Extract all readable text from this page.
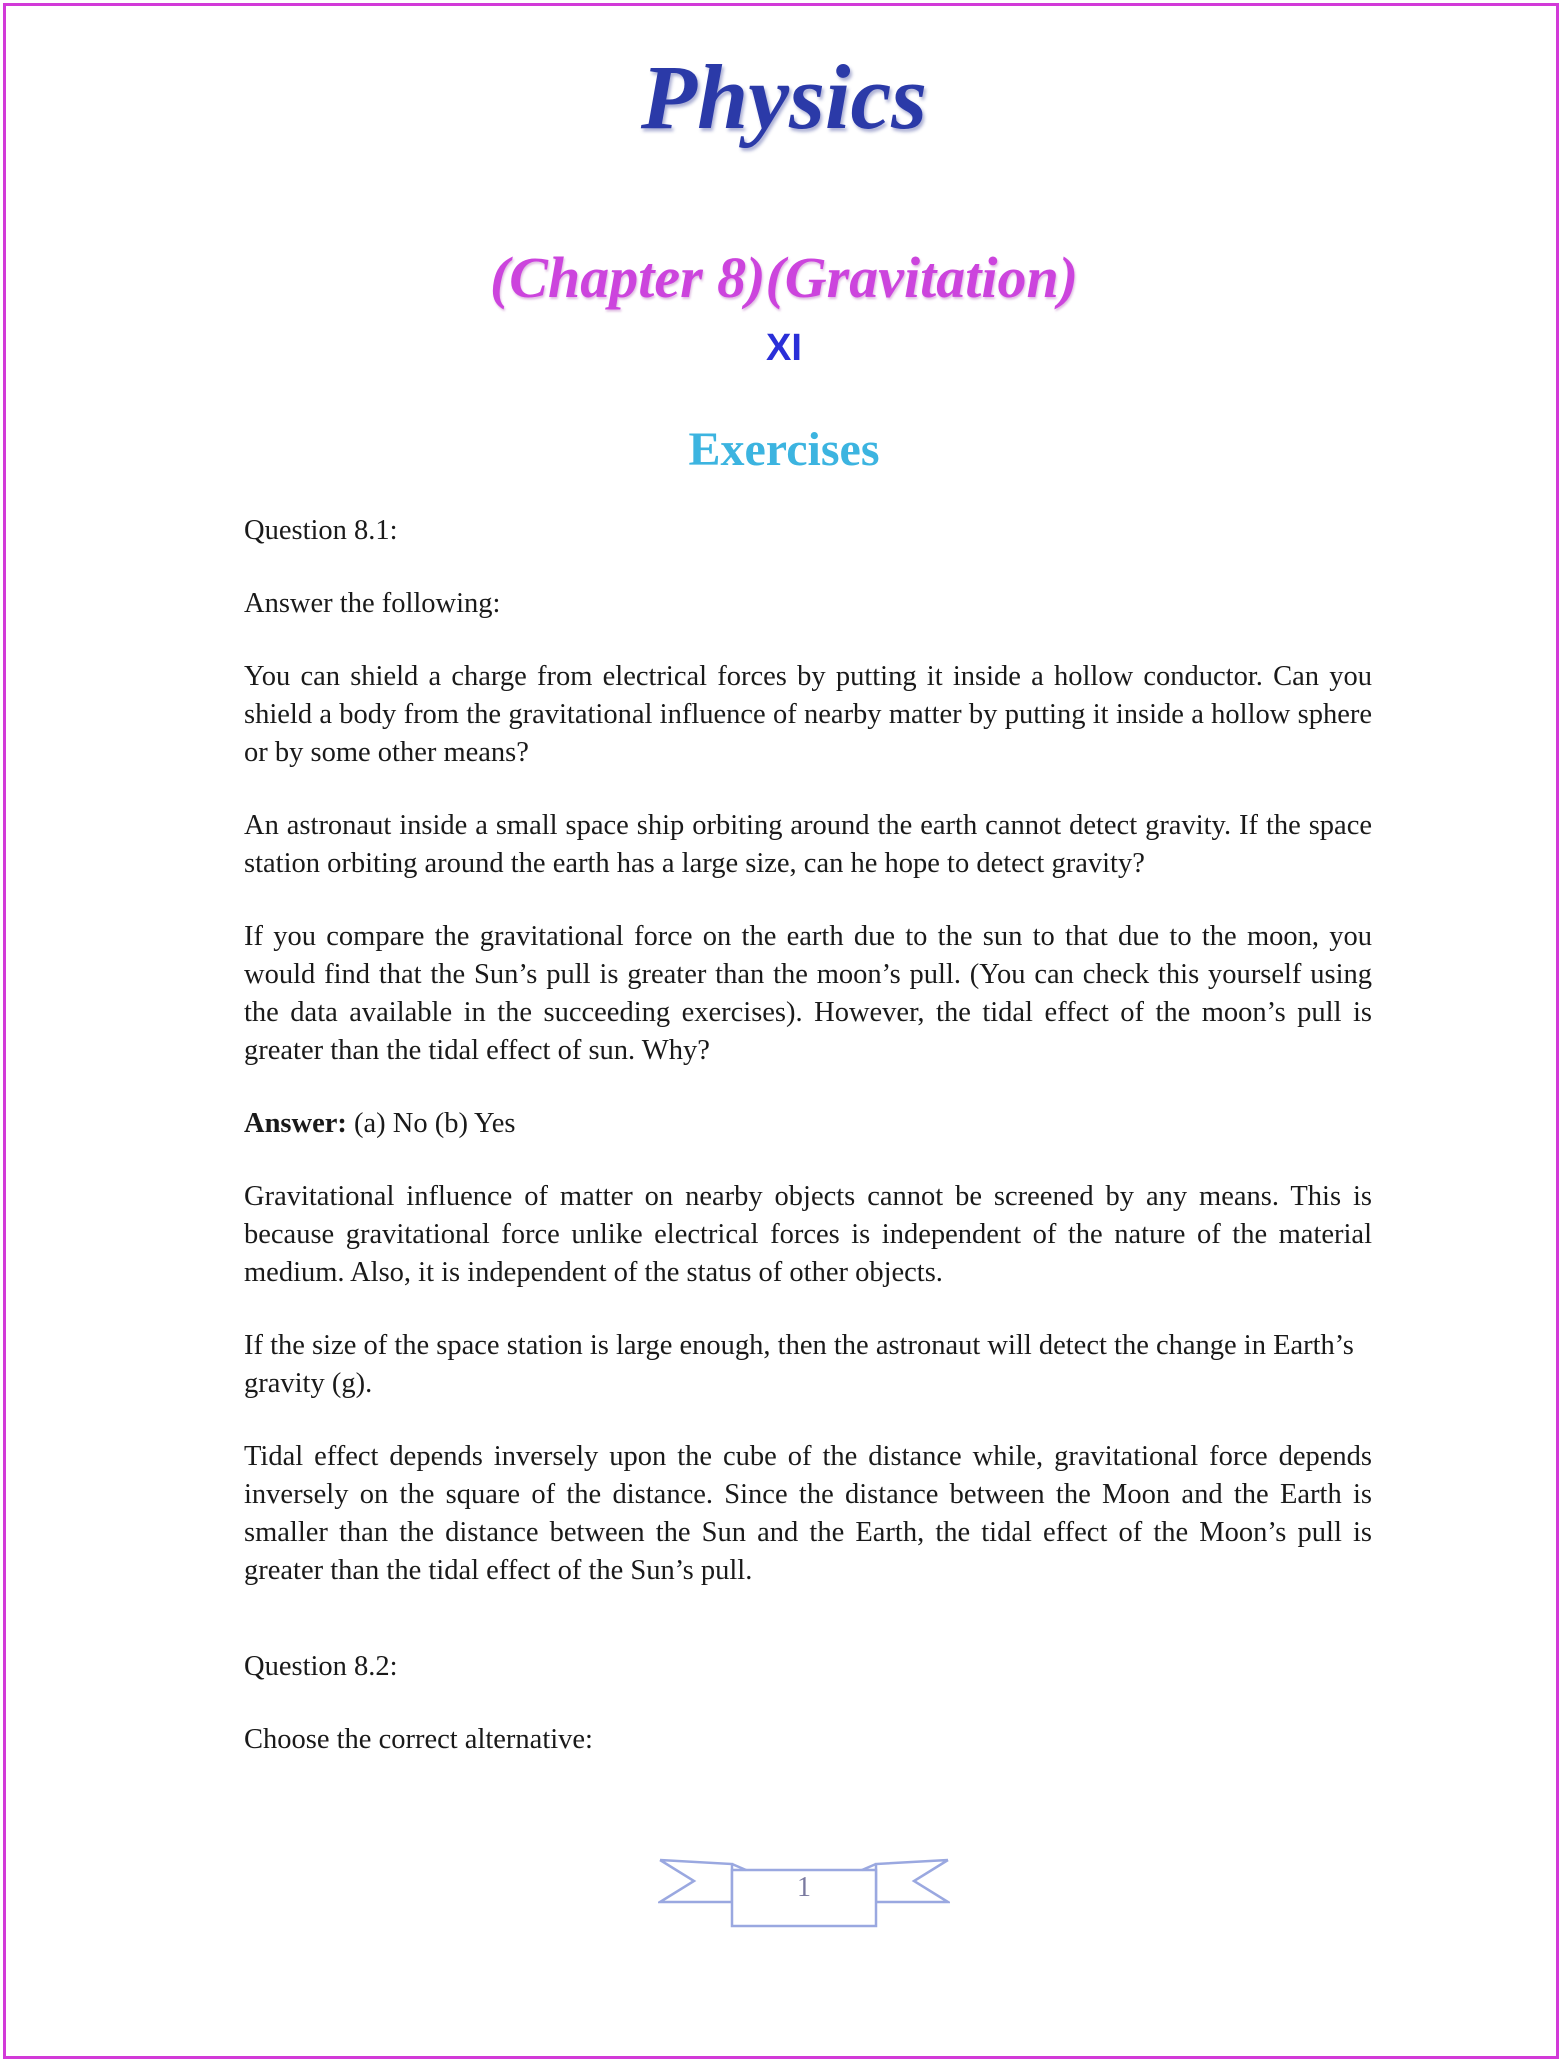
Physics
(Chapter 8)(Gravitation)
XI
Exercises

Question 8.1:

Answer the following:

You can shield a charge from electrical forces by putting it inside a hollow conductor. Can you shield a body from the gravitational influence of nearby matter by putting it inside a hollow sphere or by some other means?

An astronaut inside a small space ship orbiting around the earth cannot detect gravity. If the space station orbiting around the earth has a large size, can he hope to detect gravity?

If you compare the gravitational force on the earth due to the sun to that due to the moon, you would find that the Sun’s pull is greater than the moon’s pull. (You can check this yourself using the data available in the succeeding exercises). However, the tidal effect of the moon’s pull is greater than the tidal effect of sun. Why?

Answer: (a) No (b) Yes

Gravitational influence of matter on nearby objects cannot be screened by any means. This is because gravitational force unlike electrical forces is independent of the nature of the material medium. Also, it is independent of the status of other objects.

If the size of the space station is large enough, then the astronaut will detect the change in Earth’s gravity (g).

Tidal effect depends inversely upon the cube of the distance while, gravitational force depends inversely on the square of the distance. Since the distance between the Moon and the Earth is smaller than the distance between the Sun and the Earth, the tidal effect of the Moon’s pull is greater than the tidal effect of the Sun’s pull.

Question 8.2:

Choose the correct alternative:

1
